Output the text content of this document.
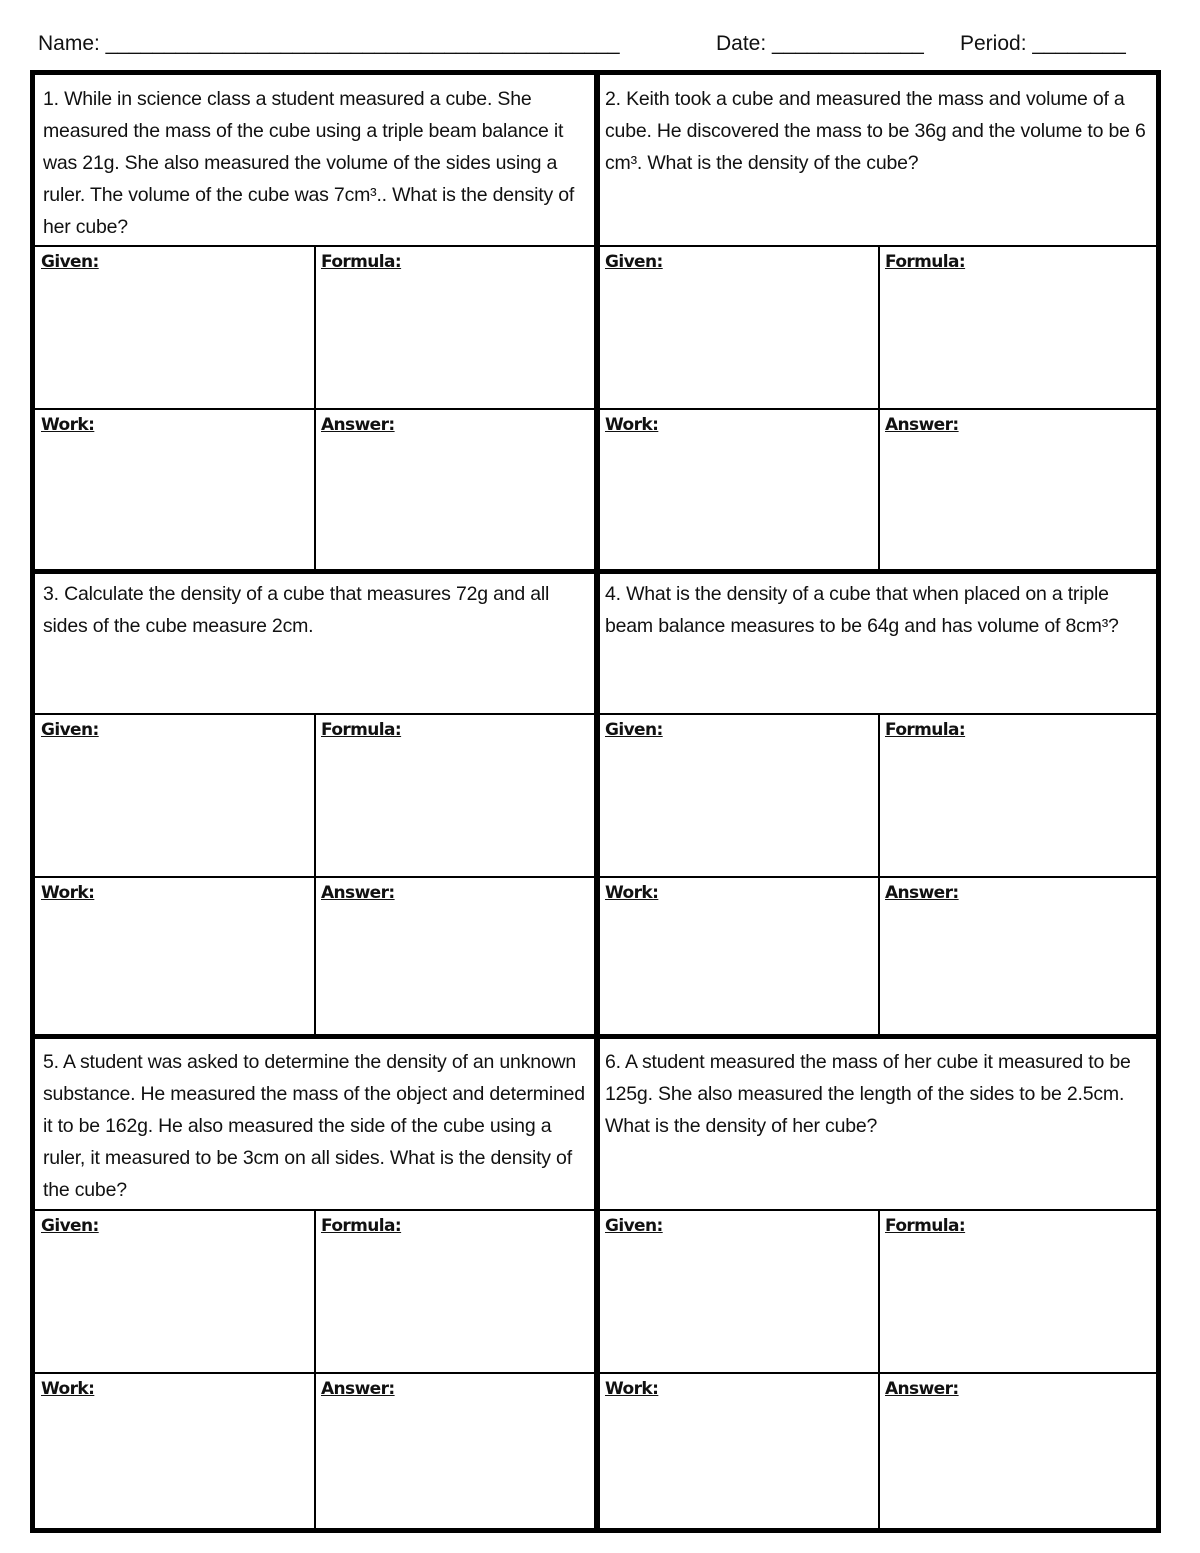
Name: ____________________________________________	Date: _____________ Period: ________
1. While in science class a student measured a cube. She measured the mass of the cube using a triple beam balance it was 21g. She also measured the volume of the sides using a ruler. The volume of the cube was 7cm³.. What is the density of her cube?
2. Keith took a cube and measured the mass and volume of a cube. He discovered the mass to be 36g and the volume to be 6 cm³. What is the density of the cube?
3. Calculate the density of a cube that measures 72g and all sides of the cube measure 2cm.
4. What is the density of a cube that when placed on a triple beam balance measures to be 64g and has volume of 8cm³?
5. A student was asked to determine the density of an unknown substance. He measured the mass of the object and determined it to be 162g. He also measured the side of the cube using a ruler, it measured to be 3cm on all sides. What is the density of the cube?
6. A student measured the mass of her cube it measured to be 125g. She also measured the length of the sides to be 2.5cm. What is the density of her cube?
Given:	Formula:	Given:	Formula:
Work:	Answer:	Work:	Answer:
Given:	Formula:	Given:	Formula:
Work:	Answer:	Work:	Answer:
Given:	Formula:	Given:	Formula:
Work:	Answer:	Work:	Answer:
